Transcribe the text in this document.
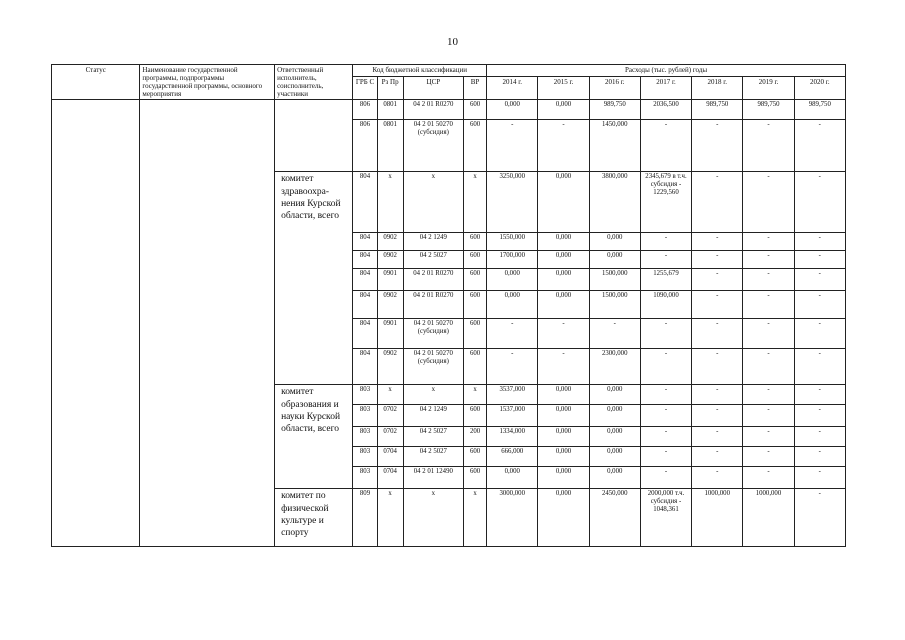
10
Статус	Наименование государственной программы, подпрограммы государственной программы, основного мероприятия	Ответственный исполнитель, соисполнитель, участники	Код бюджетной классификации				Расходы (тыс. рублей) годы						
			ГРБ С	Рз Пр	ЦСР	ВР	2014 г.	2015 г.	2016 г.	2017 г.	2018 г.	2019 г.	2020 г.
			806	0801	04 2 01 R0270	600	0,000	0,000	989,750	2036,500	989,750	989,750	989,750
			806	0801	04 2 01 50270 (субсидия)	600	-	-	1450,000	-	-	-	-
		комитет здравоохра-нения Курской области, всего	804	х	х	х	3250,000	0,000	3800,000	2345,679 в т.ч. субсидия - 1229,560	-	-	-
			804	0902	04 2 1249	600	1550,000	0,000	0,000	-	-	-	-
			804	0902	04 2 5027	600	1700,000	0,000	0,000	-	-	-	-
			804	0901	04 2 01 R0270	600	0,000	0,000	1500,000	1255,679	-	-	-
			804	0902	04 2 01 R0270	600	0,000	0,000	1500,000	1090,000	-	-	-
			804	0901	04 2 01 50270 (субсидия)	600	-	-	-	-	-	-	-
			804	0902	04 2 01 50270 (субсидия)	600	-	-	2300,000	-	-	-	-
		комитет образования и науки Курской области, всего	803	х	х	х	3537,000	0,000	0,000	-	-	-	-
			803	0702	04 2 1249	600	1537,000	0,000	0,000	-	-	-	-
			803	0702	04 2 5027	200	1334,000	0,000	0,000	-	-	-	-
			803	0704	04 2 5027	600	666,000	0,000	0,000	-	-	-	-
			803	0704	04 2 01 12490	600	0,000	0,000	0,000	-	-	-	-
		комитет по физической культуре и спорту	809	х	х	х	3000,000	0,000	2450,000	2000,000 т.ч. субсидия - 1048,361	1000,000	1000,000	-
